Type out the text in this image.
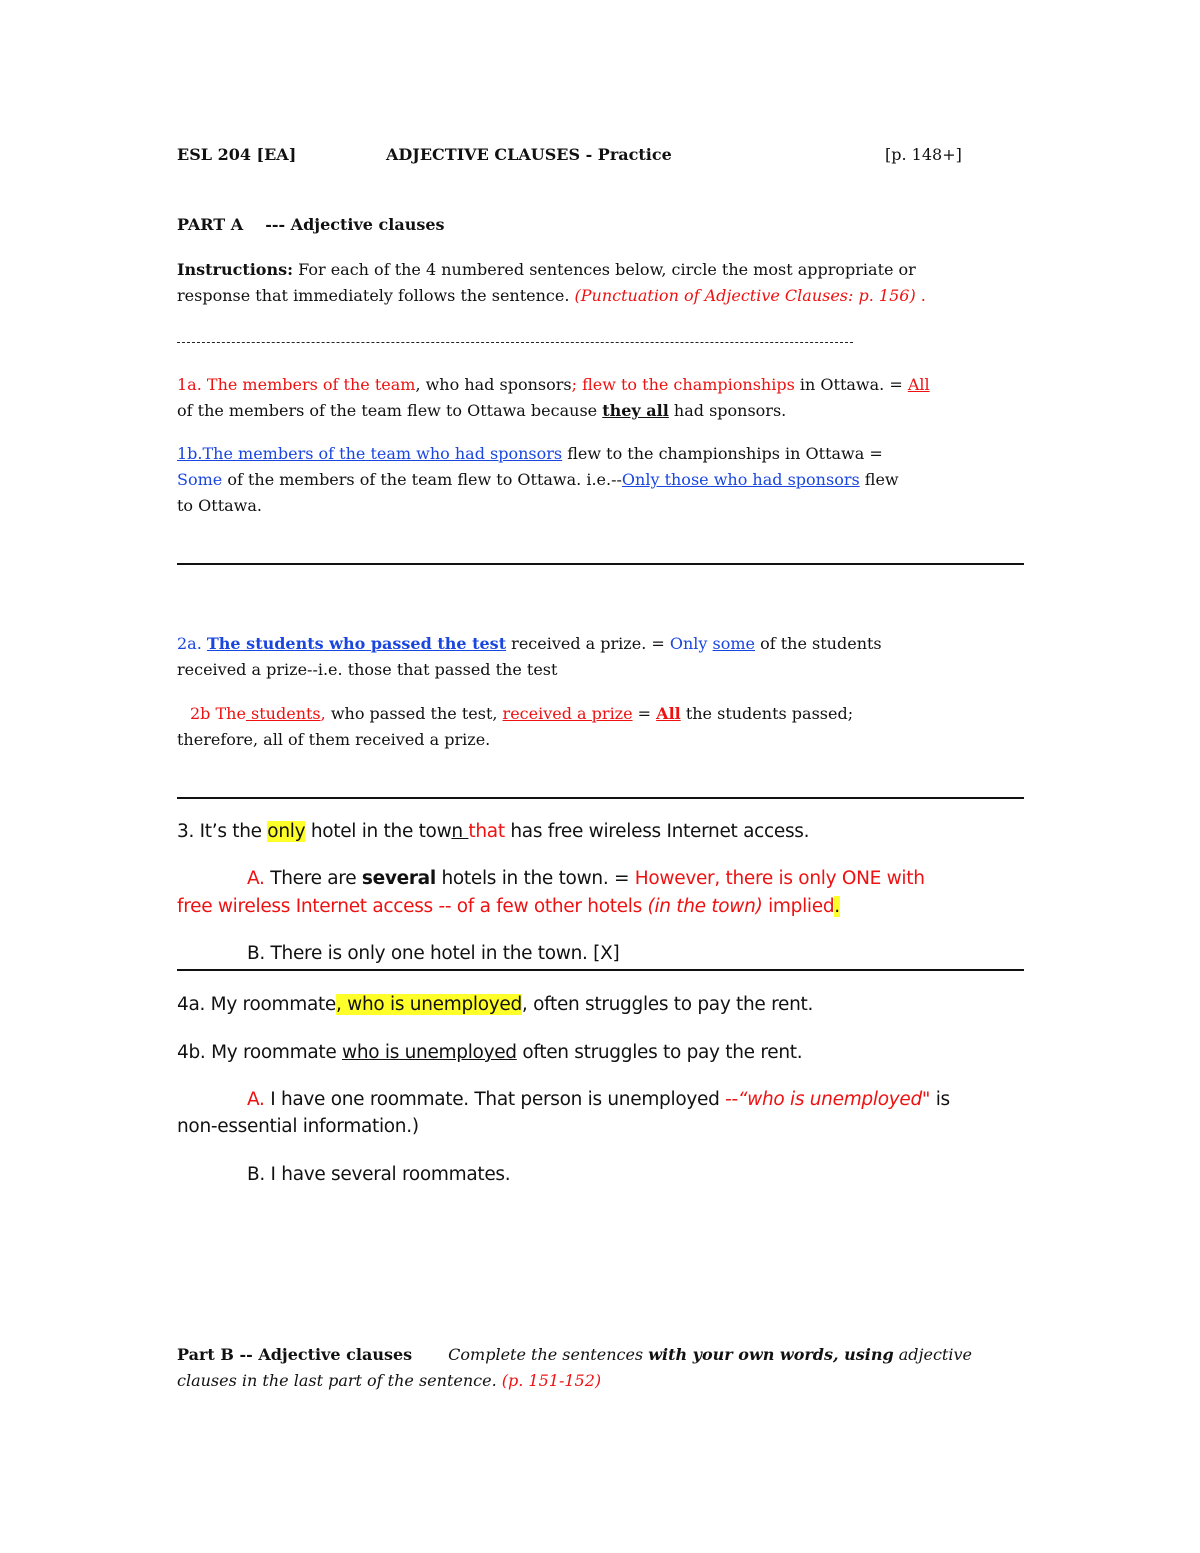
ESL 204 [EA]	ADJECTIVE CLAUSES - Practice	[p. 148+]
PART A --- Adjective clauses
Instructions: For each of the 4 numbered sentences below, circle the most appropriate or
response that immediately follows the sentence. (Punctuation of Adjective Clauses: p. 156) .
1a. The members of the team, who had sponsors; flew to the championships in Ottawa. = All
of the members of the team flew to Ottawa because they all had sponsors.
1b.The members of the team who had sponsors flew to the championships in Ottawa =
Some of the members of the team flew to Ottawa. i.e.--Only those who had sponsors flew
to Ottawa.
2a. The students who passed the test received a prize. = Only some of the students
received a prize--i.e. those that passed the test
2b The students, who passed the test, received a prize = All the students passed;
therefore, all of them received a prize.
3. It’s the only hotel in the town that has free wireless Internet access.
A. There are several hotels in the town. = However, there is only ONE with
free wireless Internet access -- of a few other hotels (in the town) implied.
B. There is only one hotel in the town. [X]
4a. My roommate, who is unemployed, often struggles to pay the rent.
4b. My roommate who is unemployed often struggles to pay the rent.
A. I have one roommate. That person is unemployed --“who is unemployed" is
non-essential information.)
B. I have several roommates.
Part B -- Adjective clauses Complete the sentences with your own words, using adjective
clauses in the last part of the sentence. (p. 151-152)
